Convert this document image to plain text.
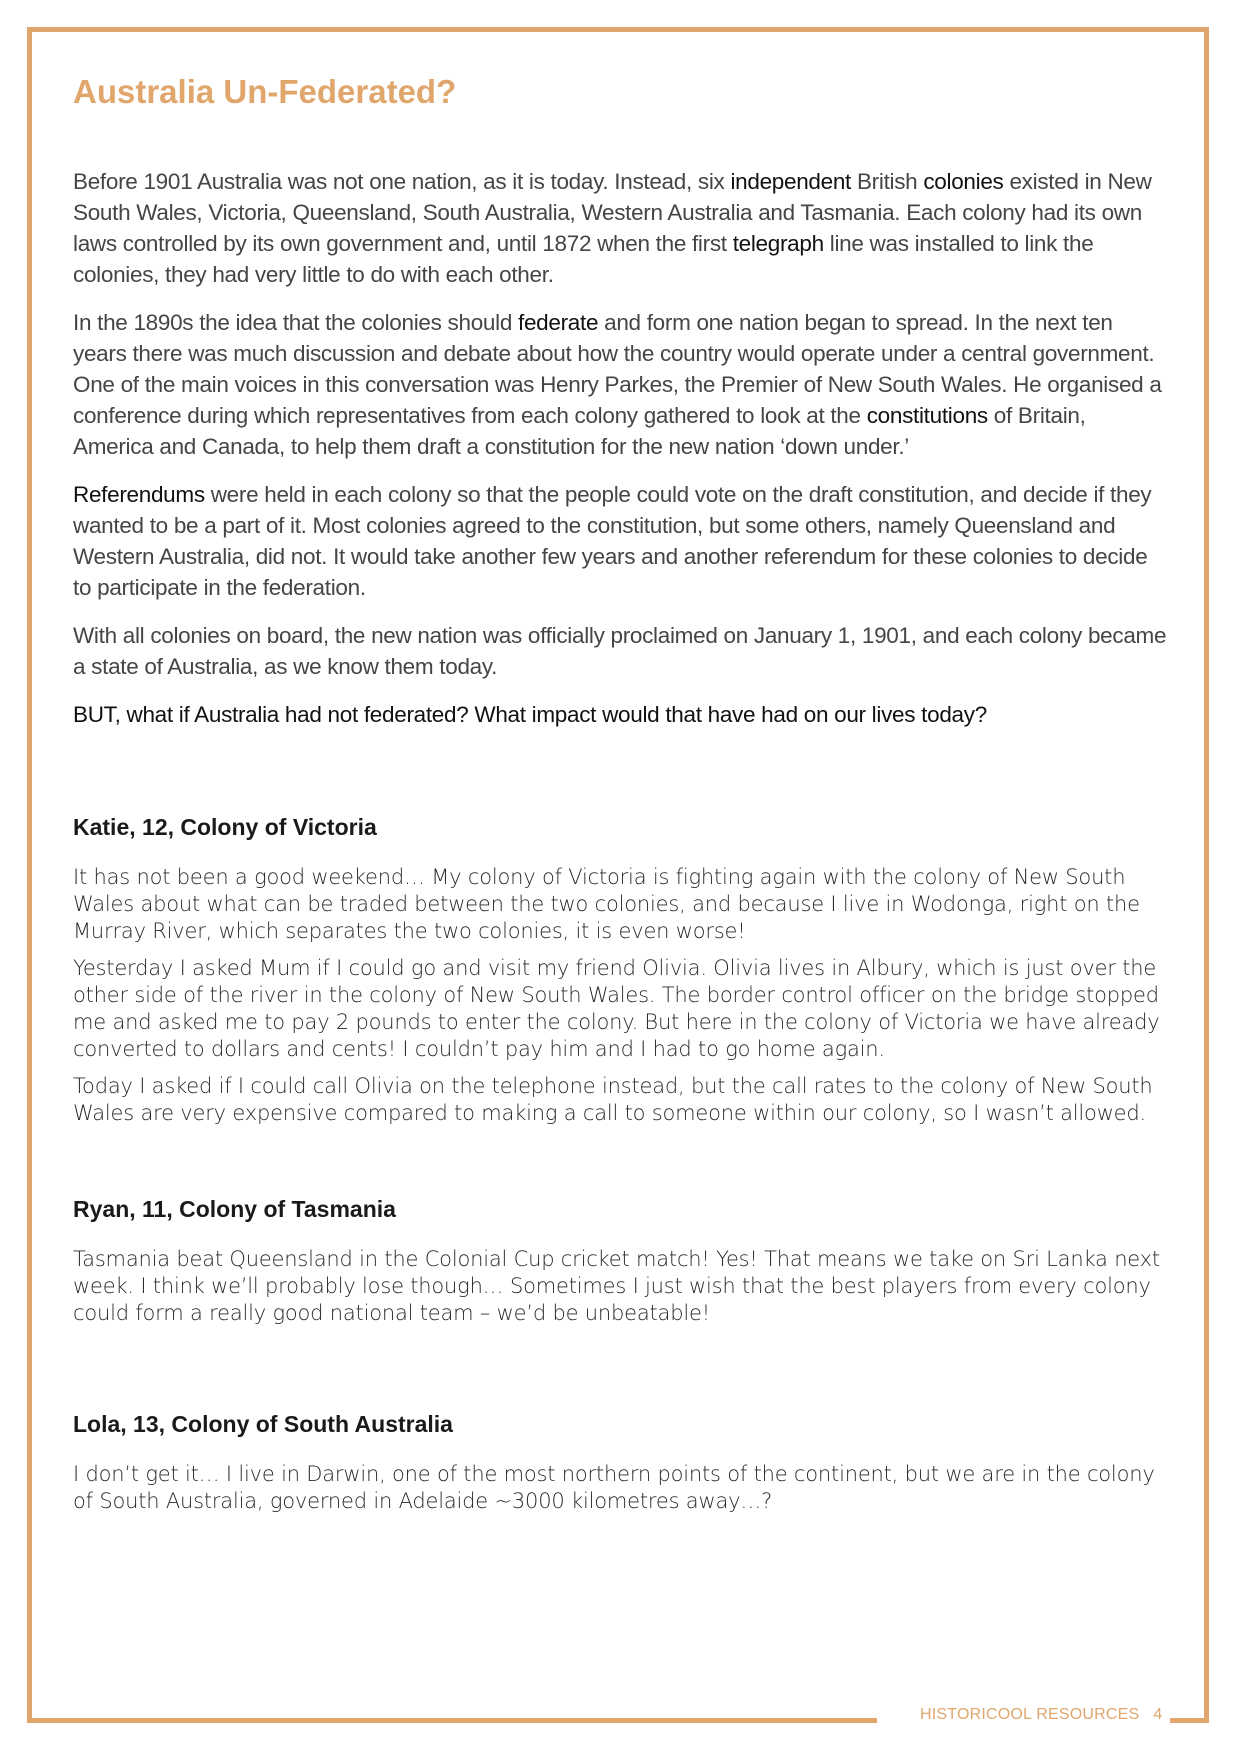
Australia Un-Federated?

Before 1901 Australia was not one nation, as it is today. Instead, six independent British colonies existed in New South Wales, Victoria, Queensland, South Australia, Western Australia and Tasmania. Each colony had its own laws controlled by its own government and, until 1872 when the first telegraph line was installed to link the colonies, they had very little to do with each other.

In the 1890s the idea that the colonies should federate and form one nation began to spread. In the next ten years there was much discussion and debate about how the country would operate under a central government. One of the main voices in this conversation was Henry Parkes, the Premier of New South Wales. He organised a conference during which representatives from each colony gathered to look at the constitutions of Britain, America and Canada, to help them draft a constitution for the new nation ‘down under.’

Referendums were held in each colony so that the people could vote on the draft constitution, and decide if they wanted to be a part of it. Most colonies agreed to the constitution, but some others, namely Queensland and Western Australia, did not. It would take another few years and another referendum for these colonies to decide to participate in the federation.

With all colonies on board, the new nation was officially proclaimed on January 1, 1901, and each colony became a state of Australia, as we know them today.

BUT, what if Australia had not federated? What impact would that have had on our lives today?

Katie, 12, Colony of Victoria

It has not been a good weekend… My colony of Victoria is fighting again with the colony of New South Wales about what can be traded between the two colonies, and because I live in Wodonga, right on the Murray River, which separates the two colonies, it is even worse!

Yesterday I asked Mum if I could go and visit my friend Olivia. Olivia lives in Albury, which is just over the other side of the river in the colony of New South Wales. The border control officer on the bridge stopped me and asked me to pay 2 pounds to enter the colony. But here in the colony of Victoria we have already converted to dollars and cents! I couldn’t pay him and I had to go home again.

Today I asked if I could call Olivia on the telephone instead, but the call rates to the colony of New South Wales are very expensive compared to making a call to someone within our colony, so I wasn’t allowed.

Ryan, 11, Colony of Tasmania

Tasmania beat Queensland in the Colonial Cup cricket match! Yes! That means we take on Sri Lanka next week. I think we’ll probably lose though… Sometimes I just wish that the best players from every colony could form a really good national team – we’d be unbeatable!

Lola, 13, Colony of South Australia

I don’t get it… I live in Darwin, one of the most northern points of the continent, but we are in the colony of South Australia, governed in Adelaide ~3000 kilometres away…?

HISTORICOOL RESOURCES 4
